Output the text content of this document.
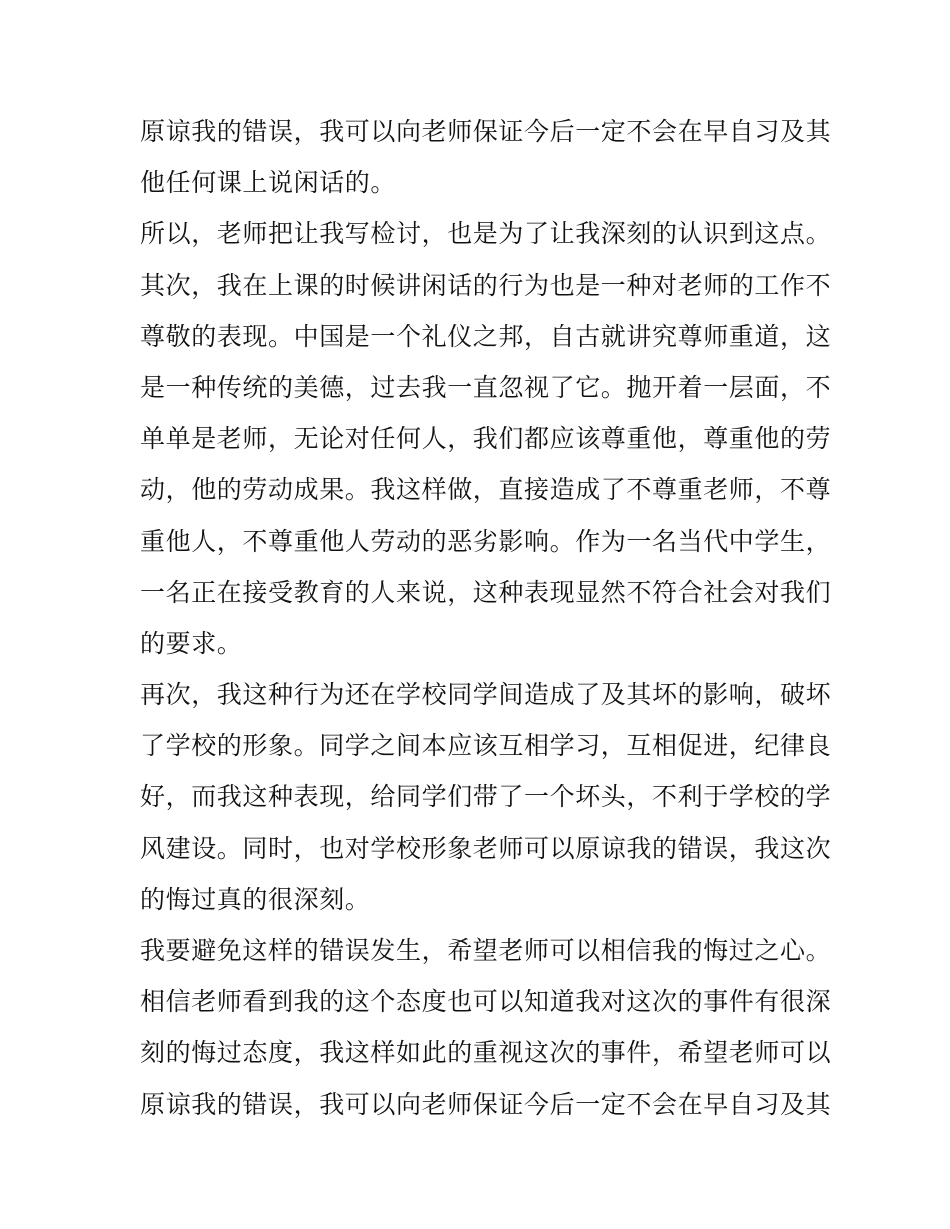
原谅我的错误，我可以向老师保证今后一定不会在早自习及其
他任何课上说闲话的。
所以，老师把让我写检讨，也是为了让我深刻的认识到这点。
其次，我在上课的时候讲闲话的行为也是一种对老师的工作不
尊敬的表现。中国是一个礼仪之邦，自古就讲究尊师重道，这
是一种传统的美德，过去我一直忽视了它。抛开着一层面，不
单单是老师，无论对任何人，我们都应该尊重他，尊重他的劳
动，他的劳动成果。我这样做，直接造成了不尊重老师，不尊
重他人，不尊重他人劳动的恶劣影响。作为一名当代中学生，
一名正在接受教育的人来说，这种表现显然不符合社会对我们
的要求。
再次，我这种行为还在学校同学间造成了及其坏的影响，破坏
了学校的形象。同学之间本应该互相学习，互相促进，纪律良
好，而我这种表现，给同学们带了一个坏头，不利于学校的学
风建设。同时，也对学校形象老师可以原谅我的错误，我这次
的悔过真的很深刻。
我要避免这样的错误发生，希望老师可以相信我的悔过之心。
相信老师看到我的这个态度也可以知道我对这次的事件有很深
刻的悔过态度，我这样如此的重视这次的事件，希望老师可以
原谅我的错误，我可以向老师保证今后一定不会在早自习及其
